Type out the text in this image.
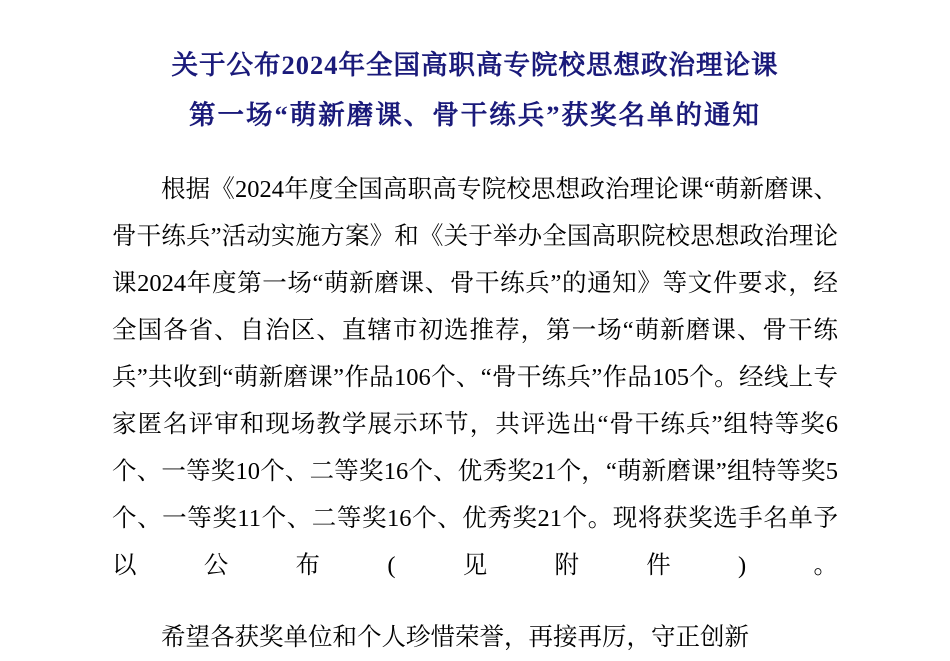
关于公布2024年全国高职高专院校思想政治理论课
第一场“萌新磨课、骨干练兵”获奖名单的通知

根据《2024年度全国高职高专院校思想政治理论课“萌新磨课、骨干练兵”活动实施方案》和《关于举办全国高职院校思想政治理论课2024年度第一场“萌新磨课、骨干练兵”的通知》等文件要求，经全国各省、自治区、直辖市初选推荐，第一场“萌新磨课、骨干练兵”共收到“萌新磨课”作品106个、“骨干练兵”作品105个。经线上专家匿名评审和现场教学展示环节，共评选出“骨干练兵”组特等奖6个、一等奖10个、二等奖16个、优秀奖21个，“萌新磨课”组特等奖5个、一等奖11个、二等奖16个、优秀奖21个。现将获奖选手名单予以公布(见附件)。

希望各获奖单位和个人珍惜荣誉，再接再厉，守正创新
